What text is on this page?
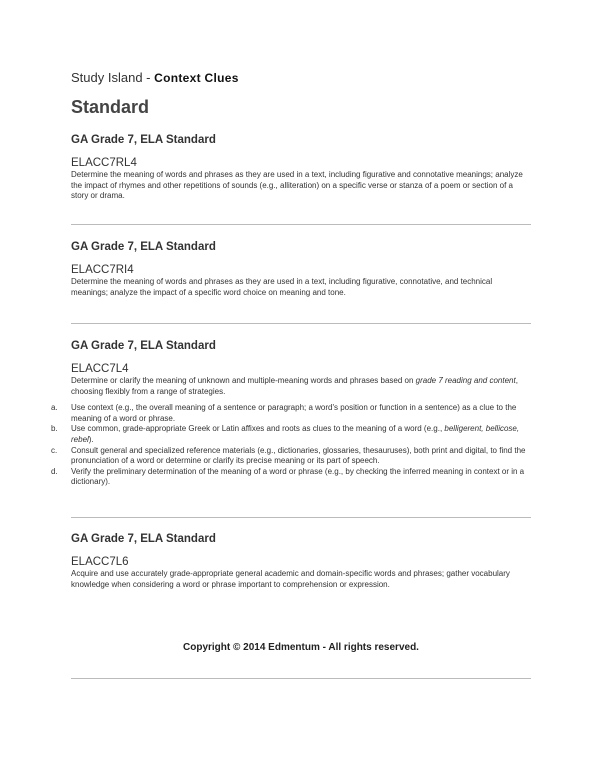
Study Island - Context Clues
Standard
GA Grade 7, ELA Standard
ELACC7RL4
Determine the meaning of words and phrases as they are used in a text, including figurative and connotative meanings; analyze the impact of rhymes and other repetitions of sounds (e.g., alliteration) on a specific verse or stanza of a poem or section of a story or drama.
GA Grade 7, ELA Standard
ELACC7RI4
Determine the meaning of words and phrases as they are used in a text, including figurative, connotative, and technical meanings; analyze the impact of a specific word choice on meaning and tone.
GA Grade 7, ELA Standard
ELACC7L4
Determine or clarify the meaning of unknown and multiple-meaning words and phrases based on grade 7 reading and content, choosing flexibly from a range of strategies.
a.	Use context (e.g., the overall meaning of a sentence or paragraph; a word's position or function in a sentence) as a clue to the meaning of a word or phrase.
b.	Use common, grade-appropriate Greek or Latin affixes and roots as clues to the meaning of a word (e.g., belligerent, bellicose, rebel).
c.	Consult general and specialized reference materials (e.g., dictionaries, glossaries, thesauruses), both print and digital, to find the pronunciation of a word or determine or clarify its precise meaning or its part of speech.
d.	Verify the preliminary determination of the meaning of a word or phrase (e.g., by checking the inferred meaning in context or in a dictionary).
GA Grade 7, ELA Standard
ELACC7L6
Acquire and use accurately grade-appropriate general academic and domain-specific words and phrases; gather vocabulary knowledge when considering a word or phrase important to comprehension or expression.
Copyright © 2014 Edmentum - All rights reserved.
